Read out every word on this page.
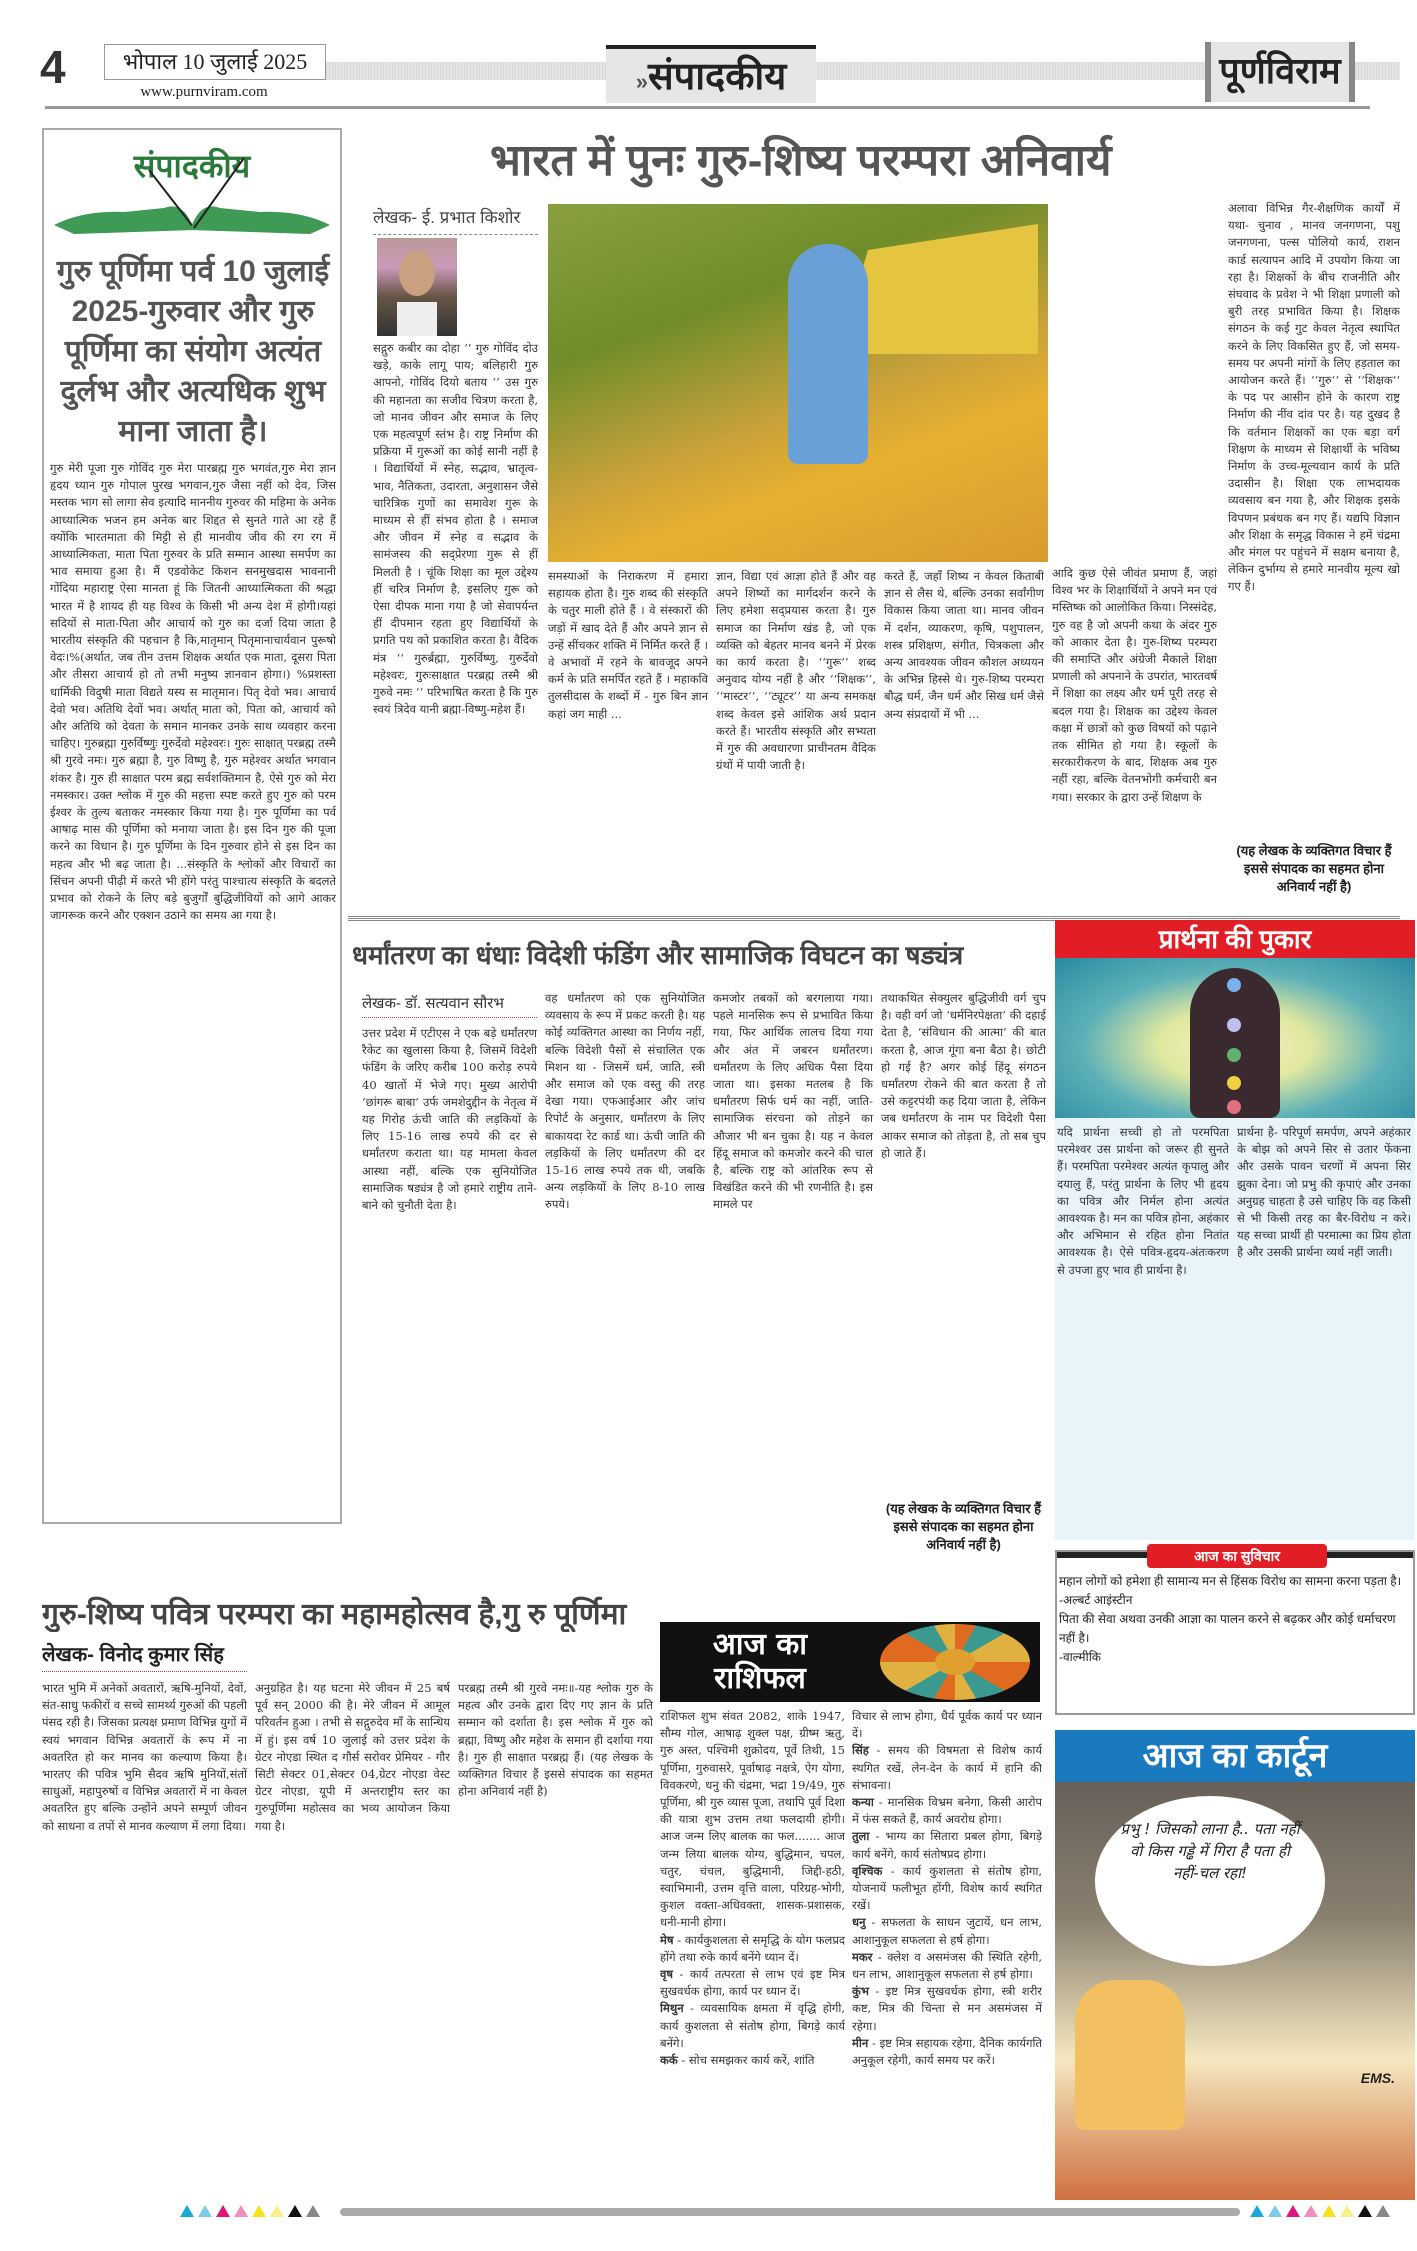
4	भोपाल 10 जुलाई 2025
www.purnviram.com	»संपादकीय	पूर्णविराम
संपादकीय
गुरु पूर्णिमा पर्व 10 जुलाई 2025-गुरुवार और गुरु पूर्णिमा का संयोग अत्यंत दुर्लभ और अत्यधिक शुभ माना जाता है।
गुरु मेरी पूजा गुरु गोविंद गुरु मेरा पारब्रह्म गुरु भगवंत,गुरु मेरा ज्ञान हृदय ध्यान गुरु गोपाल पुरख भगवान,गुरु जैसा नहीं को देव, जिस मस्तक भाग सो लागा सेव इत्यादि माननीय गुरुवर की महिमा के अनेक आध्यात्मिक भजन हम अनेक बार शिद्दत से सुनते गाते आ रहे हैं क्योंकि भारतमाता की मिट्टी से ही मानवीय जीव की रग रग में आध्यात्मिकता, माता पिता गुरुवर के प्रति सम्मान आस्था समर्पण का भाव समाया हुआ है। मैं एडवोकेट किशन सनमुखदास भावनानी गोंदिया महाराष्ट्र ऐसा मानता हूं कि जितनी आध्यात्मिकता की श्रद्धा भारत में है शायद ही यह विश्व के किसी भी अन्य देश में होगी।यहां सदियों से माता-पिता और आचार्य को गुरु का दर्जा दिया जाता है भारतीय संस्कृति की पहचान है कि,मातृमान् पितृमानाचार्यवान पुरूषो वेदः।%(अर्थात, जब तीन उत्तम शिक्षक अर्थात एक माता, दूसरा पिता और तीसरा आचार्य हो तो तभी मनुष्य ज्ञानवान होगा।) %प्रशस्ता धार्मिकी विदुषी माता विद्यते यस्य स मातृमान। पितृ देवो भव। आचार्य देवो भव। अतिथि देवों भव। अर्थात् माता को, पिता को, आचार्य को और अतिथि को देवता के समान मानकर उनके साथ व्यवहार करना चाहिए। गुरुब्रह्मा गुरुर्विष्णुः गुरुर्देवो महेश्वरः। गुरुः साक्षात् परब्रह्म तस्मै श्री गुरवे नमः। गुरु ब्रह्मा है, गुरु विष्णु है, गुरु महेश्वर अर्थात भगवान शंकर है। गुरु ही साक्षात परम ब्रह्म सर्वशक्तिमान है, ऐसे गुरु को मेरा नमस्कार। उक्त श्लोक में गुरु की महत्ता स्पष्ट करते हुए गुरु को परम ईश्वर के तुल्य बताकर नमस्कार किया गया है। गुरु पूर्णिमा का पर्व आषाढ़ मास की पूर्णिमा को मनाया जाता है। इस दिन गुरु की पूजा करने का विधान है। गुरु पूर्णिमा के दिन गुरुवार होने से इस दिन का महत्व और भी बढ़ जाता है। ...संस्कृति के श्लोकों और विचारों का सिंचन अपनी पीढ़ी में करते भी होंगे परंतु पाश्चात्य संस्कृति के बदलते प्रभाव को रोकने के लिए बड़े बुजुर्गों बुद्धिजीवियों को आगे आकर जागरूक करने और एक्शन उठाने का समय आ गया है।
भारत में पुनः गुरु-शिष्य परम्परा अनिवार्य
लेखक- ई. प्रभात किशोर
सद्गुरु कबीर का दोहा ‘‘ गुरु गोविंद दोउ खड़े, काके लागू पाय; बलिहारी गुरु आपनो, गोविंद दियो बताय ‘‘ उस गुरु की महानता का सजीव चित्रण करता है, जो मानव जीवन और समाज के लिए एक महत्वपूर्ण स्तंभ है। राष्ट्र निर्माण की प्रक्रिया में गुरूओं का कोई सानी नहीं है । विद्यार्थियों में स्नेह, सद्भाव, भ्रातृत्व-भाव, नैतिकता, उदारता, अनुशासन जैसे चारित्रिक गुणों का समावेश गुरू के माध्यम से हीं संभव होता है । समाज और जीवन में स्नेह व सद्भाव के सामंजस्य की सद्प्रेरणा गुरू से हीं मिलती है । चूंकि शिक्षा का मूल उद्देश्य हीं चरित्र निर्माण है, इसलिए गुरू को ऐसा दीपक माना गया है जो सेवापर्यन्त हीं दीपमान रहता हुए विद्यार्थियों के प्रगति पथ को प्रकाशित करता है। वैदिक मंत्र ‘‘ गुरुर्ब्रह्मा, गुरुर्विष्णु, गुरुर्देवो महेश्वरः, गुरुःसाक्षात परब्रह्म तस्मै श्री गुरुवे नमः ‘‘ परिभाषित करता है कि गुरु स्वयं त्रिदेव यानी ब्रह्मा-विष्णु-महेश हैं।
समस्याओं के निराकरण में हमारा सहायक होता है। गुरु शब्द की संस्कृति के चतुर माली होते हैं । वे संस्कारों की जड़ों में खाद देते हैं और अपने ज्ञान से उन्हें सींचकर शक्ति में निर्मित करते हैं । वे अभावों में रहने के बावजूद अपने कर्म के प्रति समर्पित रहते हैं । महाकवि तुलसीदास के शब्दों में - गुरु बिन ज्ञान कहां जग माही ...
ज्ञान, विद्या एवं आज्ञा होते हैं और वह अपने शिष्यों का मार्गदर्शन करने के लिए हमेशा सद्प्रयास करता है। गुरु समाज का निर्माण खंड है, जो एक व्यक्ति को बेहतर मानव बनने में प्रेरक का कार्य करता है। ‘‘गुरू’’ शब्द अनुवाद योग्य नहीं है और ‘‘शिक्षक’’, ‘‘मास्टर’’, ‘‘ट्यूटर’’ या अन्य समकक्ष शब्द केवल इसे आंशिक अर्थ प्रदान करते हैं। भारतीय संस्कृति और सभ्यता में गुरु की अवधारणा प्राचीनतम वैदिक ग्रंथों में पायी जाती है।
करते हैं, जहाँ शिष्य न केवल किताबी ज्ञान से लैस थे, बल्कि उनका सर्वांगीण विकास किया जाता था। मानव जीवन में दर्शन, व्याकरण, कृषि, पशुपालन, शस्त्र प्रशिक्षण, संगीत, चित्रकला और अन्य आवश्यक जीवन कौशल अध्ययन के अभिन्न हिस्से थे। गुरु-शिष्य परम्परा बौद्ध धर्म, जैन धर्म और सिख धर्म जैसे अन्य संप्रदायों में भी ...
आदि कुछ ऐसे जीवंत प्रमाण हैं, जहां विश्व भर के शिक्षार्थियों ने अपने मन एवं मस्तिष्क को आलोकित किया। निस्संदेह, गुरु वह है जो अपनी कथा के अंदर गुरु को आकार देता है। गुरु-शिष्य परम्परा की समाप्ति और अंग्रेजी मैकाले शिक्षा प्रणाली को अपनाने के उपरांत, भारतवर्ष में शिक्षा का लक्ष्य और धर्म पूरी तरह से बदल गया है। शिक्षक का उद्देश्य केवल कक्षा में छात्रों को कुछ विषयों को पढ़ाने तक सीमित हो गया है। स्कूलों के सरकारीकरण के बाद, शिक्षक अब गुरु नहीं रहा, बल्कि वेतनभोगी कर्मचारी बन गया। सरकार के द्वारा उन्हें शिक्षण के
अलावा विभिन्न गैर-शैक्षणिक कार्यों में यथा- चुनाव , मानव जनगणना, पशु जनगणना, पल्स पोलियो कार्य, राशन कार्ड सत्यापन आदि में उपयोग किया जा रहा है। शिक्षकों के बीच राजनीति और संघवाद के प्रवेश ने भी शिक्षा प्रणाली को बुरी तरह प्रभावित किया है। शिक्षक संगठन के कई गुट केवल नेतृत्व स्थापित करने के लिए विकसित हुए हैं, जो समय-समय पर अपनी मांगों के लिए हड़ताल का आयोजन करते हैं। ‘‘गुरु‘‘ से ‘‘शिक्षक‘‘ के पद पर आसीन होने के कारण राष्ट्र निर्माण की नींव दांव पर है। यह दुखद है कि वर्तमान शिक्षकों का एक बड़ा वर्ग शिक्षण के माध्यम से शिक्षार्थी के भविष्य निर्माण के उच्च-मूल्यवान कार्य के प्रति उदासीन है। शिक्षा एक लाभदायक व्यवसाय बन गया है, और शिक्षक इसके विपणन प्रबंधक बन गए हैं। यद्यपि विज्ञान और शिक्षा के समृद्ध विकास ने हमें चंद्रमा और मंगल पर पहुंचने में सक्षम बनाया है, लेकिन दुर्भाग्य से हमारे मानवीय मूल्य खो गए हैं।
(यह लेखक के व्यक्तिगत विचार हैं इससे संपादक का सहमत होना अनिवार्य नहीं है)
धर्मांतरण का धंधाः विदेशी फंडिंग और सामाजिक विघटन का षड्यंत्र
लेखक- डॉ. सत्यवान सौरभ
उत्तर प्रदेश में एटीएस ने एक बड़े धर्मांतरण रैकेट का खुलासा किया है, जिसमें विदेशी फंडिंग के जरिए करीब 100 करोड़ रुपये 40 खातों में भेजे गए। मुख्य आरोपी ‘छांगरू बाबा’ उर्फ जमशेदुद्दीन के नेतृत्व में यह गिरोह ऊंची जाति की लड़कियों के लिए 15-16 लाख रुपये की दर से धर्मांतरण कराता था। यह मामला केवल आस्था नहीं, बल्कि एक सुनियोजित सामाजिक षड्यंत्र है जो हमारे राष्ट्रीय ताने-बाने को चुनौती देता है।
वह धर्मांतरण को एक सुनियोजित व्यवसाय के रूप में प्रकट करती है। यह कोई व्यक्तिगत आस्था का निर्णय नहीं, बल्कि विदेशी पैसों से संचालित एक मिशन था - जिसमें धर्म, जाति, स्त्री और समाज को एक वस्तु की तरह देखा गया। एफआईआर और जांच रिपोर्ट के अनुसार, धर्मांतरण के लिए बाकायदा रेट कार्ड था। ऊंची जाति की लड़कियों के लिए धर्मांतरण की दर 15-16 लाख रुपये तक थी, जबकि अन्य लड़कियों के लिए 8-10 लाख रुपये।
कमजोर तबकों को बरगलाया गया। पहले मानसिक रूप से प्रभावित किया गया, फिर आर्थिक लालच दिया गया और अंत में जबरन धर्मांतरण। धर्मांतरण के लिए अधिक पैसा दिया जाता था। इसका मतलब है कि धर्मांतरण सिर्फ धर्म का नहीं, जाति-सामाजिक संरचना को तोड़ने का औजार भी बन चुका है। यह न केवल हिंदू समाज को कमजोर करने की चाल है, बल्कि राष्ट्र को आंतरिक रूप से विखंडित करने की भी रणनीति है। इस मामले पर
तथाकथित सेक्युलर बुद्धिजीवी वर्ग चुप है। वही वर्ग जो ‘धर्मनिरपेक्षता’ की दहाई देता है, ‘संविधान की आत्मा’ की बात करता है, आज गूंगा बना बैठा है। छोटी हो गई है? अगर कोई हिंदू संगठन धर्मांतरण रोकने की बात करता है तो उसे कट्टरपंथी कह दिया जाता है, लेकिन जब धर्मांतरण के नाम पर विदेशी पैसा आकर समाज को तोड़ता है, तो सब चुप हो जाते हैं।
(यह लेखक के व्यक्तिगत विचार हैं इससे संपादक का सहमत होना अनिवार्य नहीं है)
प्रार्थना की पुकार
यदि प्रार्थना सच्ची हो तो परमपिता परमेश्वर उस प्रार्थना को जरूर ही सुनते हैं। परमपिता परमेश्वर अत्यंत कृपालु और दयालु हैं, परंतु प्रार्थना के लिए भी हृदय का पवित्र और निर्मल होना अत्यंत आवश्यक है। मन का पवित्र होना, अहंकार और अभिमान से रहित होना नितांत आवश्यक है। ऐसे पवित्र-हृदय-अंतःकरण से उपजा हुए भाव ही प्रार्थना है।
प्रार्थना है- परिपूर्ण समर्पण, अपने अहंकार के बोझ को अपने सिर से उतार फेंकना और उसके पावन चरणों में अपना सिर झुका देना। जो प्रभु की कृपाएं और उनका अनुग्रह चाहता है उसे चाहिए कि वह किसी से भी किसी तरह का बैर-विरोध न करे। यह सच्चा प्रार्थी ही परमात्मा का प्रिय होता है और उसकी प्रार्थना व्यर्थ नहीं जाती।
आज का सुविचार
महान लोगों को हमेशा ही सामान्य मन से हिंसक विरोध का सामना करना पड़ता है।
-अल्बर्ट आइंस्टीन
पिता की सेवा अथवा उनकी आज्ञा का पालन करने से बढ़कर और कोई धर्माचरण नहीं है।
-वाल्मीकि
आज का कार्टून
प्रभु ! जिसको लाना है.. पता नहीं वो किस गड्ढे में गिरा है पता ही नहीं-चल रहा!
EMS.
गुरु-शिष्य पवित्र परम्परा का महामहोत्सव है,गु रु पूर्णिमा
लेखक- विनोद कुमार सिंह
भारत भुमि में अनेकों अवतारों, ऋषि-मुनियों, देवों, संत-साधु फकीरों व सच्चे सामर्थ्य गुरुओं की पहली पंसद रही है। जिसका प्रत्यक्ष प्रमाण विभिन्न युगों में स्वयं भगवान विभिन्न अवतारों के रूप में ना अवतरित हो कर मानव का कल्याण किया है। भारतए की पवित्र भुमि सैदव ऋषि मुनियों,संतों साधुओं, महापुरुषों व विभिन्न अवतारों में ना केवल अवतरित हुए बल्कि उन्होंने अपने सम्पूर्ण जीवन को साधना व तपों से मानव कल्याण में लगा दिया।
अनुग्रहित है। यह घटना मेरे जीवन में 25 बर्ष पूर्व सन् 2000 की है। मेरे जीवन में आमूल परिवर्तन हुआ । तभी से सद्गुरुदेव माँ के सान्धिय में हुं। इस वर्ष 10 जुलाई को उत्तर प्रदेश के ग्रेटर नोएडा स्थित द गौर्स सरोवर प्रेमियर - गौर सिटी सेक्टर 01,सेक्टर 04,ग्रेटर नोएडा वेस्ट ग्रेटर नोएडा, यूपी में अन्तराष्ट्रीय स्तर का गुरुपूर्णिमा महोत्सव का भव्य आयोजन किया गया है।
परब्रह्म तस्मै श्री गुरवे नमः॥-यह श्लोक गुरु के महत्व और उनके द्वारा दिए गए ज्ञान के प्रति सम्मान को दर्शाता है। इस श्लोक में गुरु को ब्रह्मा, विष्णु और महेश के समान ही दर्शाया गया है। गुरु ही साक्षात परब्रह्म हैं। (यह लेखक के व्यक्तिगत विचार हैं इससे संपादक का सहमत होना अनिवार्य नहीं है)
आज का
राशिफल
राशिफल शुभ संवत 2082, शाके 1947, सौम्य गोल, आषाढ़ शुक्ल पक्ष, ग्रीष्म ऋतु, गुरु अस्त, पश्चिमी शुक्रोदय, पूर्वे तिथी, 15 पूर्णिमा, गुरुवासरे, पूर्वाषाढ़ नक्षत्रे, ऐग योगा, विवकरणे, धनु की चंद्रमा, भद्रा 19/49, गुरु पूर्णिमा, श्री गुरु व्यास पूजा, तथापि पूर्व दिशा की यात्रा शुभ उत्तम तथा फलदायी होगी। आज जन्म लिए बालक का फल....... आज जन्म लिया बालक योग्य, बुद्धिमान, चपल, चतुर, चंचल, बुद्धिमानी, जिद्दी-हठी, स्वाभिमानी, उत्तम वृत्ति वाला, परिग्रह-भोगी, कुशल वक्ता-अधिवक्ता, शासक-प्रशासक, धनी-मानी होगा।
मेष - कार्यकुशलता से समृद्धि के योग फलप्रद होंगे तथा रुके कार्य बनेंगे ध्यान दें।
वृष - कार्य तत्परता से लाभ एवं इष्ट मित्र सुखवर्धक होगा, कार्य पर ध्यान दें।
मिथुन - व्यवसायिक क्षमता में वृद्धि होगी, कार्य कुशलता से संतोष होगा, बिगड़े कार्य बनेंगे।
कर्क - सोच समझकर कार्य करें, शांति
विचार से लाभ होगा, धैर्य पूर्वक कार्य पर ध्यान दें।
सिंह - समय की विषमता से विशेष कार्य स्थगित रखें, लेन-देन के कार्य में हानि की संभावना।
कन्या - मानसिक विभ्रम बनेगा, किसी आरोप में फंस सकते हैं, कार्य अवरोध होगा।
तुला - भाग्य का सितारा प्रबल होगा, बिगड़े कार्य बनेंगे, कार्य संतोषप्रद होगा।
वृश्चिक - कार्य कुशलता से संतोष होगा, योजनायें फलीभूत होंगी, विशेष कार्य स्थगित रखें।
धनु - सफलता के साधन जुटायें, धन लाभ, आशानुकूल सफलता से हर्ष होगा।
मकर - क्लेश व असमंजस की स्थिति रहेगी, धन लाभ, आशानुकूल सफलता से हर्ष होगा।
कुंभ - इष्ट मित्र सुखवर्धक होगा, स्त्री शरीर कष्ट, मित्र की चिन्ता से मन असमंजस में रहेगा।
मीन - इष्ट मित्र सहायक रहेगा, दैनिक कार्यगति अनुकूल रहेगी, कार्य समय पर करें।
